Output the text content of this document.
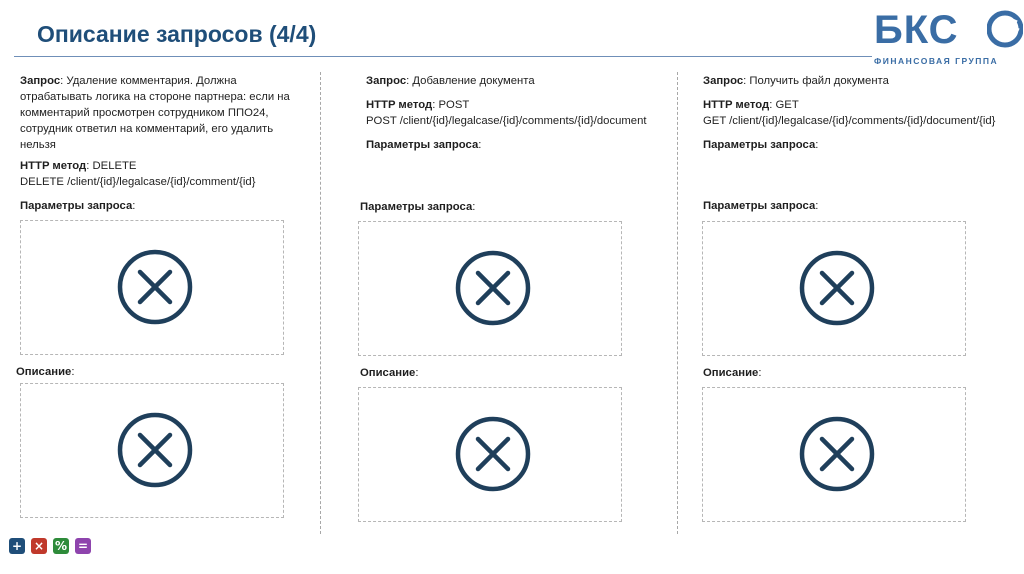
Описание запросов (4/4)	БКС
ФИНАНСОВАЯ ГРУППА

Запрос: Удаление комментария. Должна отрабатывать логика на стороне партнера: если на комментарий просмотрен сотрудником ППО24, сотрудник ответил на комментарий, его удалить нельзя

HTTP метод: DELETE

DELETE /client/{id}/legalcase/{id}/comment/{id}

Параметры запроса:
Описание:

Запрос: Добавление документа

HTTP метод: POST

POST /client/{id}/legalcase/{id}/comments/{id}/document

Параметры запроса:
Параметры запроса:
Описание:

Запрос: Получить файл документа

HTTP метод: GET

GET /client/{id}/legalcase/{id}/comments/{id}/document/{id}

Параметры запроса:
Параметры запроса:
Описание:
+ × % =
